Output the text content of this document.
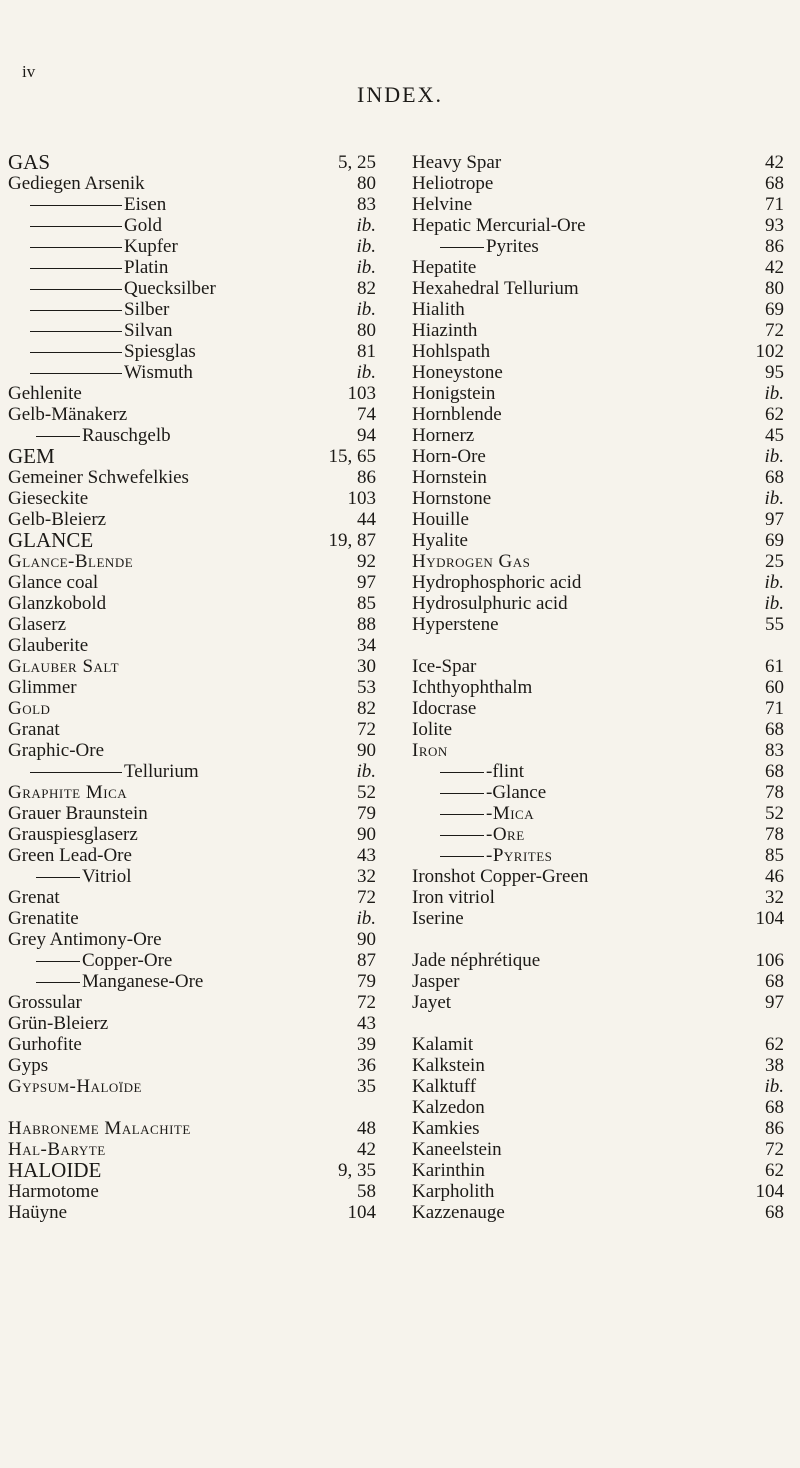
iv
INDEX.
GAS	5, 25
Gediegen Arsenik	80
Eisen	83
Gold	ib.
Kupfer	ib.
Platin	ib.
Quecksilber	82
Silber	ib.
Silvan	80
Spiesglas	81
Wismuth	ib.
Gehlenite	103
Gelb-Mänakerz	74
Rauschgelb	94
GEM	15, 65
Gemeiner Schwefelkies	86
Gieseckite	103
Gelb-Bleierz	44
GLANCE	19, 87
Glance-Blende	92
Glance coal	97
Glanzkobold	85
Glaserz	88
Glauberite	34
Glauber Salt	30
Glimmer	53
Gold	82
Granat	72
Graphic-Ore	90
Tellurium	ib.
Graphite Mica	52
Grauer Braunstein	79
Grauspiesglaserz	90
Green Lead-Ore	43
Vitriol	32
Grenat	72
Grenatite	ib.
Grey Antimony-Ore	90
Copper-Ore	87
Manganese-Ore	79
Grossular	72
Grün-Bleierz	43
Gurhofite	39
Gyps	36
Gypsum-Haloïde	35
Habroneme Malachite	48
Hal-Baryte	42
HALOIDE	9, 35
Harmotome	58
Haüyne	104
Heavy Spar	42
Heliotrope	68
Helvine	71
Hepatic Mercurial-Ore	93
Pyrites	86
Hepatite	42
Hexahedral Tellurium	80
Hialith	69
Hiazinth	72
Hohlspath	102
Honeystone	95
Honigstein	ib.
Hornblende	62
Hornerz	45
Horn-Ore	ib.
Hornstein	68
Hornstone	ib.
Houille	97
Hyalite	69
Hydrogen Gas	25
Hydrophosphoric acid	ib.
Hydrosulphuric acid	ib.
Hyperstene	55
Ice-Spar	61
Ichthyophthalm	60
Idocrase	71
Iolite	68
Iron	83
-flint	68
-Glance	78
-Mica	52
-Ore	78
-Pyrites	85
Ironshot Copper-Green	46
Iron vitriol	32
Iserine	104
Jade néphrétique	106
Jasper	68
Jayet	97
Kalamit	62
Kalkstein	38
Kalktuff	ib.
Kalzedon	68
Kamkies	86
Kaneelstein	72
Karinthin	62
Karpholith	104
Kazzenauge	68
